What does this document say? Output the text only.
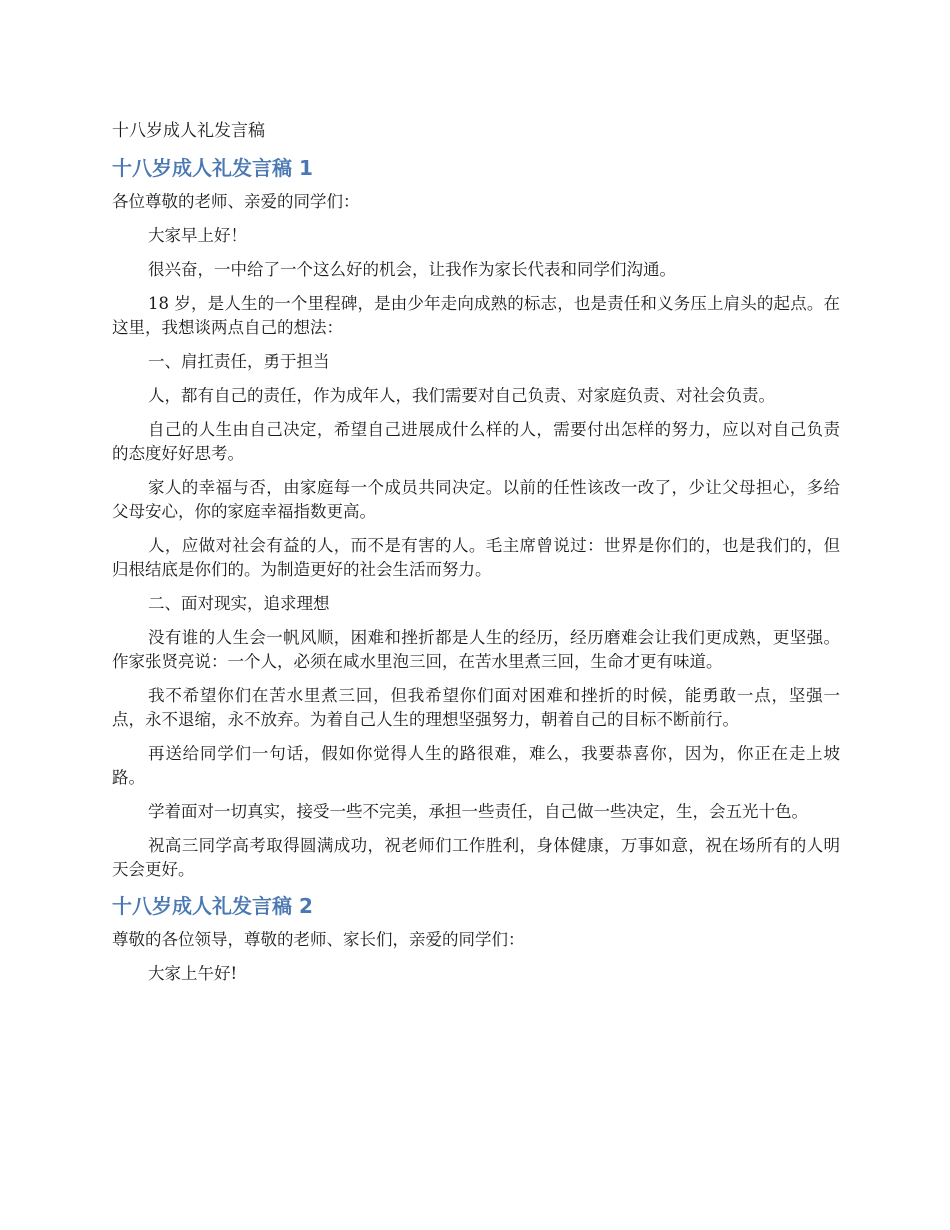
十八岁成人礼发言稿
十八岁成人礼发言稿 1

各位尊敬的老师、亲爱的同学们：

大家早上好！

很兴奋，一中给了一个这么好的机会，让我作为家长代表和同学们沟通。

18 岁，是人生的一个里程碑，是由少年走向成熟的标志，也是责任和义务压上肩头的起点。在这里，我想谈两点自己的想法：

一、肩扛责任，勇于担当

人，都有自己的责任，作为成年人，我们需要对自己负责、对家庭负责、对社会负责。

自己的人生由自己决定，希望自己进展成什么样的人，需要付出怎样的努力，应以对自己负责的态度好好思考。

家人的幸福与否，由家庭每一个成员共同决定。以前的任性该改一改了，少让父母担心，多给父母安心，你的家庭幸福指数更高。

人，应做对社会有益的人，而不是有害的人。毛主席曾说过：世界是你们的，也是我们的，但归根结底是你们的。为制造更好的社会生活而努力。

二、面对现实，追求理想

没有谁的人生会一帆风顺，困难和挫折都是人生的经历，经历磨难会让我们更成熟，更坚强。作家张贤亮说：一个人，必须在咸水里泡三回，在苦水里煮三回，生命才更有味道。

我不希望你们在苦水里煮三回，但我希望你们面对困难和挫折的时候，能勇敢一点，坚强一点，永不退缩，永不放弃。为着自己人生的理想坚强努力，朝着自己的目标不断前行。

再送给同学们一句话，假如你觉得人生的路很难，难么，我要恭喜你，因为，你正在走上坡路。

学着面对一切真实，接受一些不完美，承担一些责任，自己做一些决定，生，会五光十色。

祝高三同学高考取得圆满成功，祝老师们工作胜利，身体健康，万事如意，祝在场所有的人明天会更好。

十八岁成人礼发言稿 2

尊敬的各位领导，尊敬的老师、家长们，亲爱的同学们：

大家上午好!
